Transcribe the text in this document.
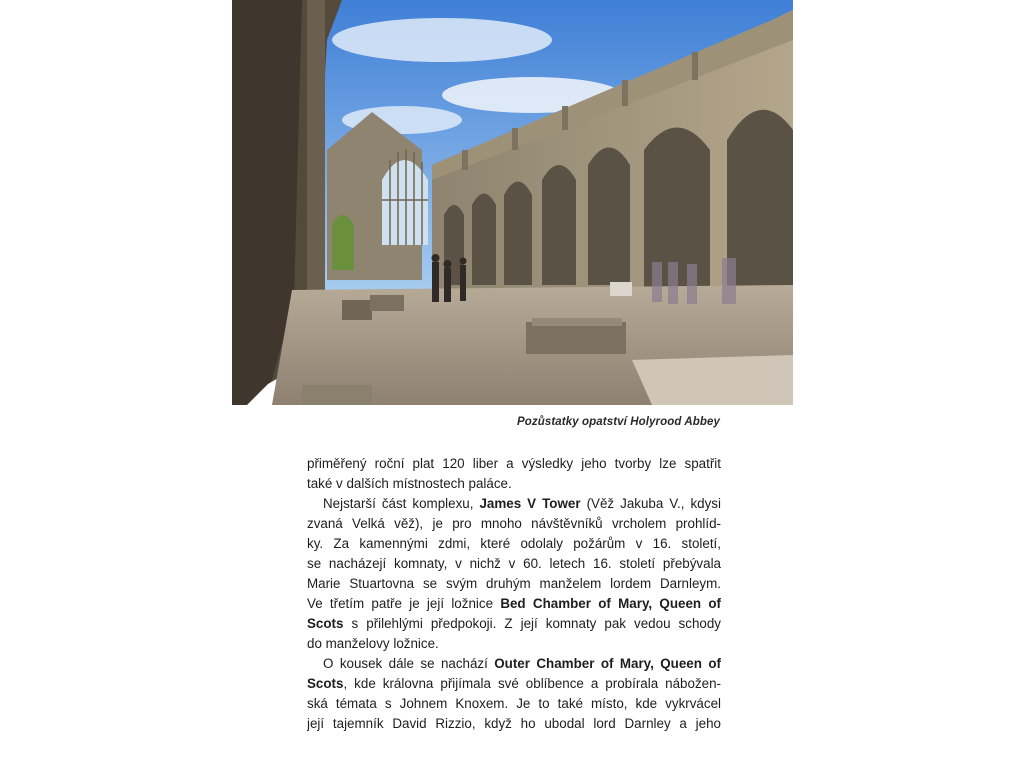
Pozůstatky opatství Holyrood Abbey
přiměřený roční plat 120 liber a výsledky jeho tvorby lze spatřit
také v dalších místnostech paláce.
Nejstarší část komplexu, James V Tower (Věž Jakuba V., kdysi
zvaná Velká věž), je pro mnoho návštěvníků vrcholem prohlíd-
ky. Za kamennými zdmi, které odolaly požárům v 16. století,
se nacházejí komnaty, v nichž v 60. letech 16. století přebývala
Marie Stuartovna se svým druhým manželem lordem Darnleym.
Ve třetím patře je její ložnice Bed Chamber of Mary, Queen of
Scots s přilehlými předpokoji. Z její komnaty pak vedou schody
do manželovy ložnice.
O kousek dále se nachází Outer Chamber of Mary, Queen of
Scots, kde královna přijímala své oblíbence a probírala nábožen-
ská témata s Johnem Knoxem. Je to také místo, kde vykrvácel
její tajemník David Rizzio, když ho ubodal lord Darnley a jeho
